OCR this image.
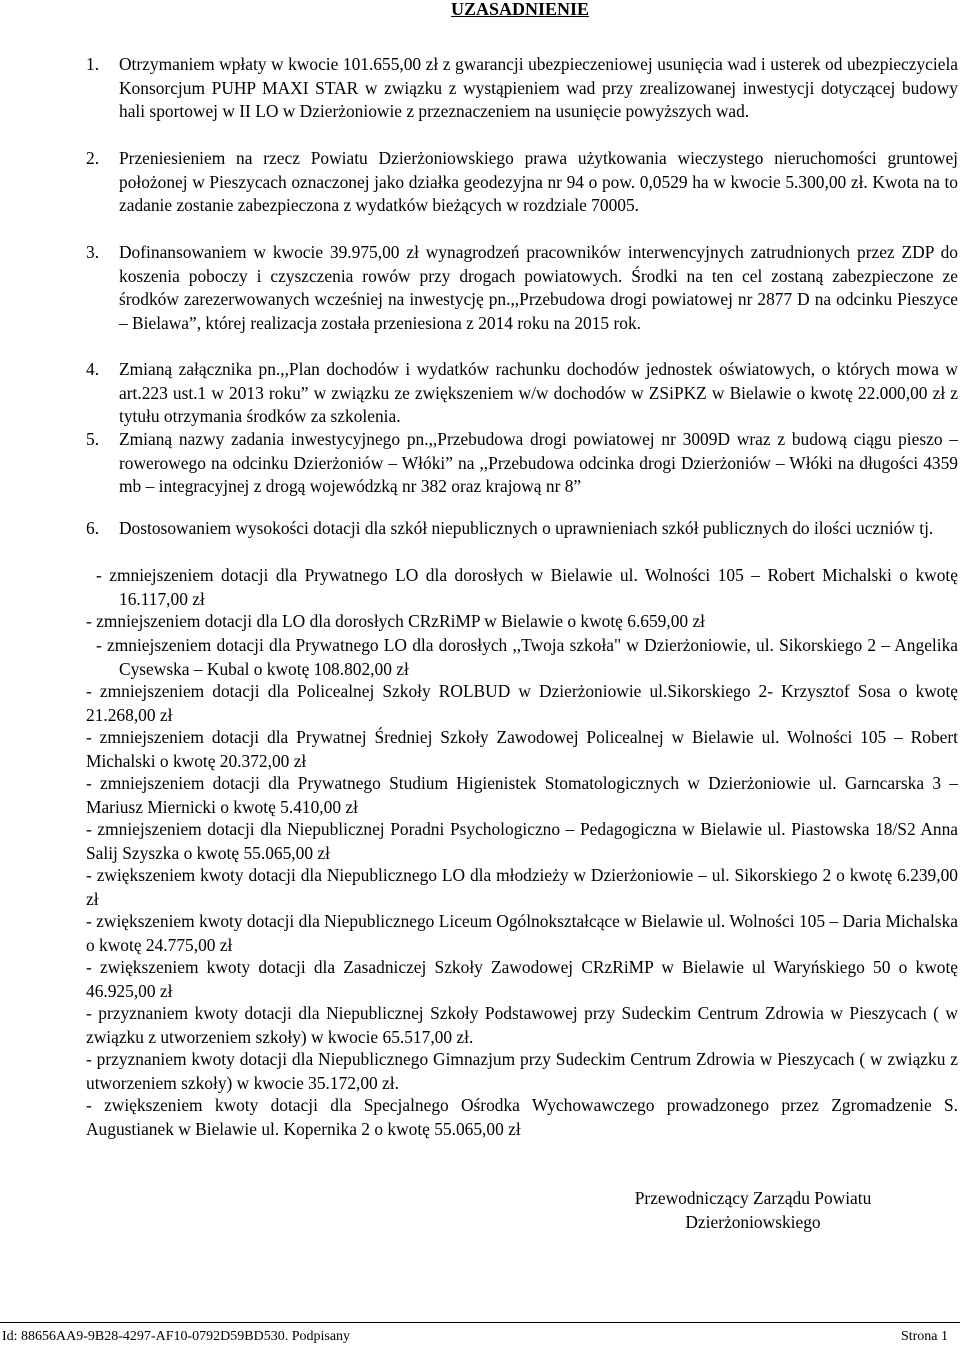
UZASADNIENIE
1.	Otrzymaniem wpłaty w kwocie 101.655,00 zł z gwarancji ubezpieczeniowej usunięcia wad i usterek od ubezpieczyciela Konsorcjum PUHP MAXI STAR w związku z wystąpieniem wad przy zrealizowanej inwestycji dotyczącej budowy hali sportowej w II LO w Dzierżoniowie z przeznaczeniem na usunięcie powyższych wad.
2.	Przeniesieniem na rzecz Powiatu Dzierżoniowskiego prawa użytkowania wieczystego nieruchomości gruntowej położonej w Pieszycach oznaczonej jako działka geodezyjna nr 94 o pow. 0,0529 ha w kwocie 5.300,00 zł. Kwota na to zadanie zostanie zabezpieczona z wydatków bieżących w rozdziale 70005.
3.	Dofinansowaniem w kwocie 39.975,00 zł wynagrodzeń pracowników interwencyjnych zatrudnionych przez ZDP do koszenia poboczy i czyszczenia rowów przy drogach powiatowych. Środki na ten cel zostaną zabezpieczone ze środków zarezerwowanych wcześniej na inwestycję pn.,,Przebudowa drogi powiatowej nr 2877 D na odcinku Pieszyce – Bielawa”, której realizacja została przeniesiona z 2014 roku na 2015 rok.
4.	Zmianą załącznika pn.,,Plan dochodów i wydatków rachunku dochodów jednostek oświatowych, o których mowa w art.223 ust.1 w 2013 roku” w związku ze zwiększeniem w/w dochodów w ZSiPKZ w Bielawie o kwotę 22.000,00 zł z tytułu otrzymania środków za szkolenia.
5.	Zmianą nazwy zadania inwestycyjnego pn.,,Przebudowa drogi powiatowej nr 3009D wraz z budową ciągu pieszo – rowerowego na odcinku Dzierżoniów – Włóki” na ,,Przebudowa odcinka drogi Dzierżoniów – Włóki na długości 4359 mb – integracyjnej z drogą wojewódzką nr 382 oraz krajową nr 8”
6.	Dostosowaniem wysokości dotacji dla szkół niepublicznych o uprawnieniach szkół publicznych do ilości uczniów tj.
- zmniejszeniem dotacji dla Prywatnego LO dla dorosłych w Bielawie ul. Wolności 105 – Robert Michalski o kwotę 16.117,00 zł
- zmniejszeniem dotacji dla LO dla dorosłych CRzRiMP w Bielawie o kwotę 6.659,00 zł
- zmniejszeniem dotacji dla Prywatnego LO dla dorosłych ,,Twoja szkoła" w Dzierżoniowie, ul. Sikorskiego 2 – Angelika Cysewska – Kubal o kwotę 108.802,00 zł
- zmniejszeniem dotacji dla Policealnej Szkoły ROLBUD w Dzierżoniowie ul.Sikorskiego 2- Krzysztof Sosa o kwotę 21.268,00 zł
- zmniejszeniem dotacji dla Prywatnej Średniej Szkoły Zawodowej Policealnej w Bielawie ul. Wolności 105 – Robert Michalski o kwotę 20.372,00 zł
- zmniejszeniem dotacji dla Prywatnego Studium Higienistek Stomatologicznych w Dzierżoniowie ul. Garncarska 3 – Mariusz Miernicki o kwotę 5.410,00 zł
- zmniejszeniem dotacji dla Niepublicznej Poradni Psychologiczno – Pedagogiczna w Bielawie ul. Piastowska 18/S2 Anna Salij Szyszka o kwotę 55.065,00 zł
- zwiększeniem kwoty dotacji dla Niepublicznego LO dla młodzieży w Dzierżoniowie – ul. Sikorskiego 2 o kwotę 6.239,00 zł
- zwiększeniem kwoty dotacji dla Niepublicznego Liceum Ogólnokształcące w Bielawie ul. Wolności 105 – Daria Michalska o kwotę 24.775,00 zł
- zwiększeniem kwoty dotacji dla Zasadniczej Szkoły Zawodowej CRzRiMP w Bielawie ul Waryńskiego 50 o kwotę 46.925,00 zł
- przyznaniem kwoty dotacji dla Niepublicznej Szkoły Podstawowej przy Sudeckim Centrum Zdrowia w Pieszycach ( w związku z utworzeniem szkoły) w kwocie 65.517,00 zł.
- przyznaniem kwoty dotacji dla Niepublicznego Gimnazjum przy Sudeckim Centrum Zdrowia w Pieszycach ( w związku z utworzeniem szkoły) w kwocie 35.172,00 zł.
- zwiększeniem kwoty dotacji dla Specjalnego Ośrodka Wychowawczego prowadzonego przez Zgromadzenie S. Augustianek w Bielawie ul. Kopernika 2 o kwotę 55.065,00 zł
Przewodniczący Zarządu Powiatu
Dzierżoniowskiego
Id: 88656AA9-9B28-4297-AF10-0792D59BD530. Podpisany	Strona 1
